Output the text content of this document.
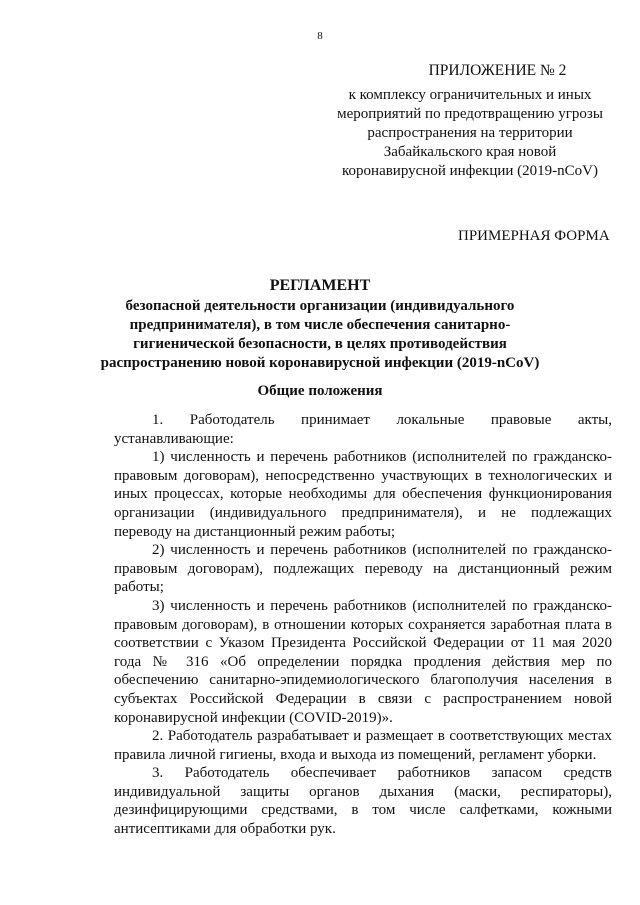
8
ПРИЛОЖЕНИЕ № 2
к комплексу ограничительных и иных мероприятий по предотвращению угрозы распространения на территории Забайкальского края новой коронавирусной инфекции (2019-nCoV)
ПРИМЕРНАЯ ФОРМА
РЕГЛАМЕНТ
безопасной деятельности организации (индивидуального предпринимателя), в том числе обеспечения санитарно-гигиенической безопасности, в целях противодействия распространению новой коронавирусной инфекции (2019-nCoV)
Общие положения

1. Работодатель принимает локальные правовые акты, устанавливающие:

1) численность и перечень работников (исполнителей по гражданско-правовым договорам), непосредственно участвующих в технологических и иных процессах, которые необходимы для обеспечения функционирования организации (индивидуального предпринимателя), и не подлежащих переводу на дистанционный режим работы;

2) численность и перечень работников (исполнителей по гражданско-правовым договорам), подлежащих переводу на дистанционный режим работы;

3) численность и перечень работников (исполнителей по гражданско-правовым договорам), в отношении которых сохраняется заработная плата в соответствии с Указом Президента Российской Федерации от 11 мая 2020 года № 316 «Об определении порядка продления действия мер по обеспечению санитарно-эпидемиологического благополучия населения в субъектах Российской Федерации в связи с распространением новой коронавирусной инфекции (COVID-2019)».

2. Работодатель разрабатывает и размещает в соответствующих местах правила личной гигиены, входа и выхода из помещений, регламент уборки.

3. Работодатель обеспечивает работников запасом средств индивидуальной защиты органов дыхания (маски, респираторы), дезинфицирующими средствами, в том числе салфетками, кожными антисептиками для обработки рук.
